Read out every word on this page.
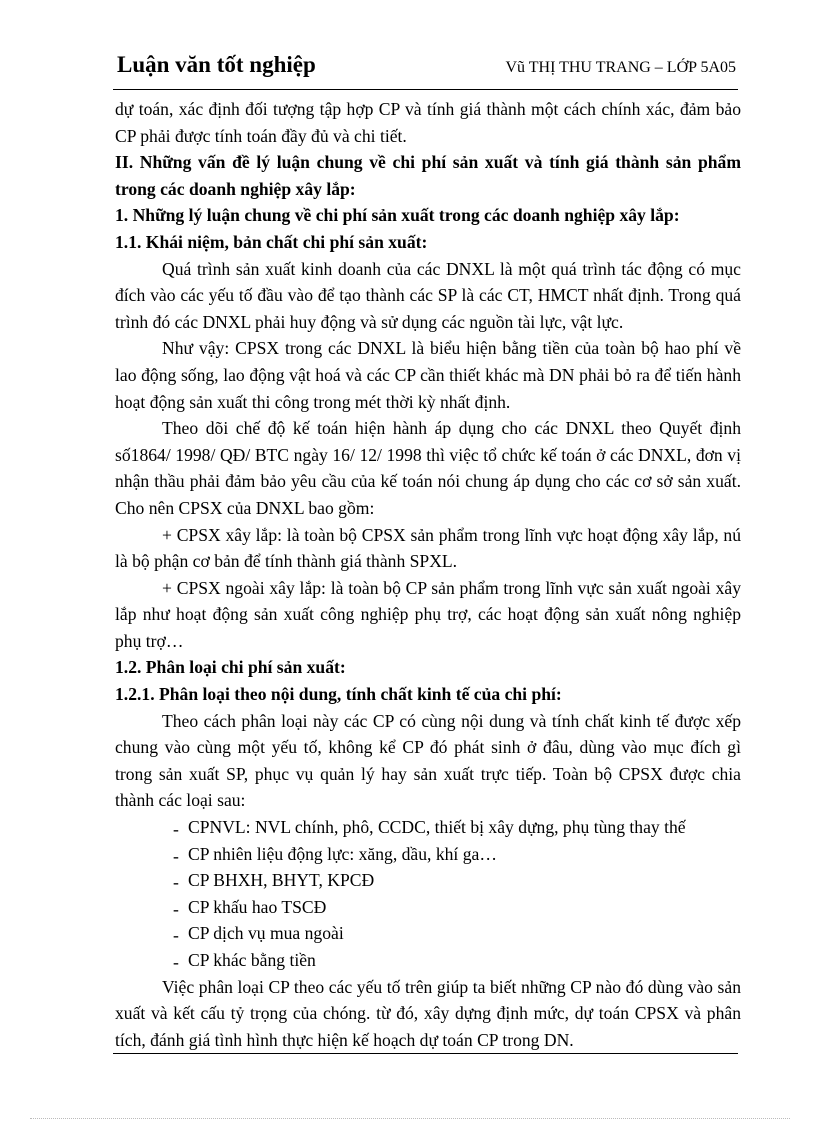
Luận văn tốt nghiệp	Vũ THỊ THU TRANG – LỚP 5A05

dự toán, xác định đối tượng tập hợp CP và tính giá thành một cách chính xác, đảm bảo CP phải được tính toán đầy đủ và chi tiết.

II. Những vấn đề lý luận chung về chi phí sản xuất và tính giá thành sản phẩm trong các doanh nghiệp xây lắp:

1. Những lý luận chung về chi phí sản xuất trong các doanh nghiệp xây lắp:

1.1. Khái niệm, bản chất chi phí sản xuất:

Quá trình sản xuất kinh doanh của các DNXL là một quá trình tác động có mục đích vào các yếu tố đầu vào để tạo thành các SP là các CT, HMCT nhất định. Trong quá trình đó các DNXL phải huy động và sử dụng các nguồn tài lực, vật lực.

Như vậy: CPSX trong các DNXL là biểu hiện bằng tiền của toàn bộ hao phí về lao động sống, lao động vật hoá và các CP cần thiết khác mà DN phải bỏ ra để tiến hành hoạt động sản xuất thi công trong mét thời kỳ nhất định.

Theo dõi chế độ kế toán hiện hành áp dụng cho các DNXL theo Quyết định số1864/ 1998/ QĐ/ BTC ngày 16/ 12/ 1998 thì việc tổ chức kế toán ở các DNXL, đơn vị nhận thầu phải đảm bảo yêu cầu của kế toán nói chung áp dụng cho các cơ sở sản xuất. Cho nên CPSX của DNXL bao gồm:

+ CPSX xây lắp: là toàn bộ CPSX sản phẩm trong lĩnh vực hoạt động xây lắp, nú là bộ phận cơ bản để tính thành giá thành SPXL.

+ CPSX ngoài xây lắp: là toàn bộ CP sản phẩm trong lĩnh vực sản xuất ngoài xây lắp như hoạt động sản xuất công nghiệp phụ trợ, các hoạt động sản xuất nông nghiệp phụ trợ…

1.2. Phân loại chi phí sản xuất:

1.2.1. Phân loại theo nội dung, tính chất kinh tế của chi phí:

Theo cách phân loại này các CP có cùng nội dung và tính chất kinh tế được xếp chung vào cùng một yếu tố, không kể CP đó phát sinh ở đâu, dùng vào mục đích gì trong sản xuất SP, phục vụ quản lý hay sản xuất trực tiếp. Toàn bộ CPSX được chia thành các loại sau:

- CPNVL: NVL chính, phô, CCDC, thiết bị xây dựng, phụ tùng thay thế
- CP nhiên liệu động lực: xăng, dầu, khí ga…
- CP BHXH, BHYT, KPCĐ
- CP khấu hao TSCĐ
- CP dịch vụ mua ngoài
- CP khác bằng tiền

Việc phân loại CP theo các yếu tố trên giúp ta biết những CP nào đó dùng vào sản xuất và kết cấu tỷ trọng của chóng. từ đó, xây dựng định mức, dự toán CPSX và phân tích, đánh giá tình hình thực hiện kế hoạch dự toán CP trong DN.
